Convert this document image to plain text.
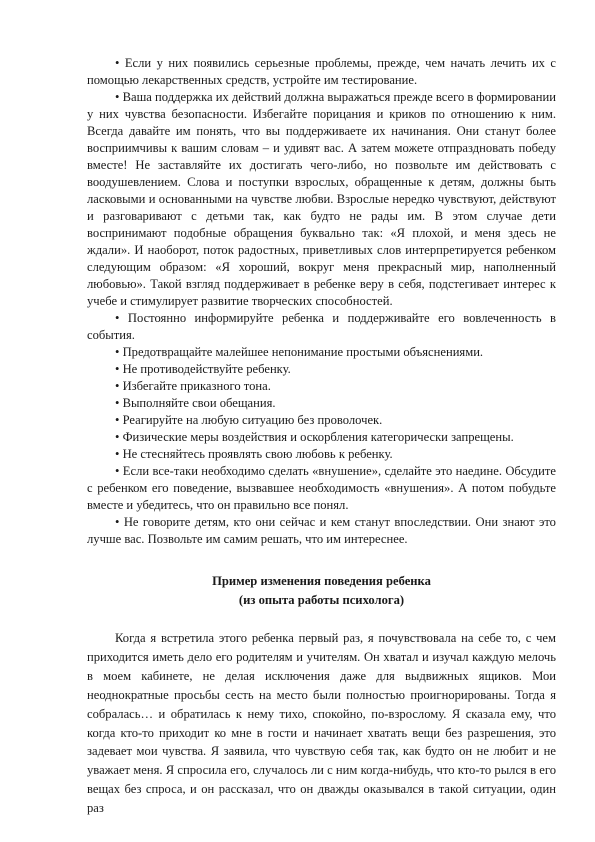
• Если у них появились серьезные проблемы, прежде, чем начать лечить их с помощью лекарственных средств, устройте им тестирование.

• Ваша поддержка их действий должна выражаться прежде всего в формировании у них чувства безопасности. Избегайте порицания и криков по отношению к ним. Всегда давайте им понять, что вы поддерживаете их начинания. Они станут более восприимчивы к вашим словам – и удивят вас. А затем можете отпраздновать победу вместе! Не заставляйте их достигать чего-либо, но позвольте им действовать с воодушевлением. Слова и поступки взрослых, обращенные к детям, должны быть ласковыми и основанными на чувстве любви. Взрослые нередко чувствуют, действуют и разговаривают с детьми так, как будто не рады им. В этом случае дети воспринимают подобные обращения буквально так: «Я плохой, и меня здесь не ждали». И наоборот, поток радостных, приветливых слов интерпретируется ребенком следующим образом: «Я хороший, вокруг меня прекрасный мир, наполненный любовью». Такой взгляд поддерживает в ребенке веру в себя, подстегивает интерес к учебе и стимулирует развитие творческих способностей.

• Постоянно информируйте ребенка и поддерживайте его вовлеченность в события.

• Предотвращайте малейшее непонимание простыми объяснениями.

• Не противодействуйте ребенку.

• Избегайте приказного тона.

• Выполняйте свои обещания.

• Реагируйте на любую ситуацию без проволочек.

• Физические меры воздействия и оскорбления категорически запрещены.

• Не стесняйтесь проявлять свою любовь к ребенку.

• Если все-таки необходимо сделать «внушение», сделайте это наедине. Обсудите с ребенком его поведение, вызвавшее необходимость «внушения». А потом побудьте вместе и убедитесь, что он правильно все понял.

• Не говорите детям, кто они сейчас и кем станут впоследствии. Они знают это лучше вас. Позвольте им самим решать, что им интереснее.

Пример изменения поведения ребенка
(из опыта работы психолога)

Когда я встретила этого ребенка первый раз, я почувствовала на себе то, с чем приходится иметь дело его родителям и учителям. Он хватал и изучал каждую мелочь в моем кабинете, не делая исключения даже для выдвижных ящиков. Мои неоднократные просьбы сесть на место были полностью проигнорированы. Тогда я собралась… и обратилась к нему тихо, спокойно, по-взрослому. Я сказала ему, что когда кто-то приходит ко мне в гости и начинает хватать вещи без разрешения, это задевает мои чувства. Я заявила, что чувствую себя так, как будто он не любит и не уважает меня. Я спросила его, случалось ли с ним когда-нибудь, что кто-то рылся в его вещах без спроса, и он рассказал, что он дважды оказывался в такой ситуации, один раз
